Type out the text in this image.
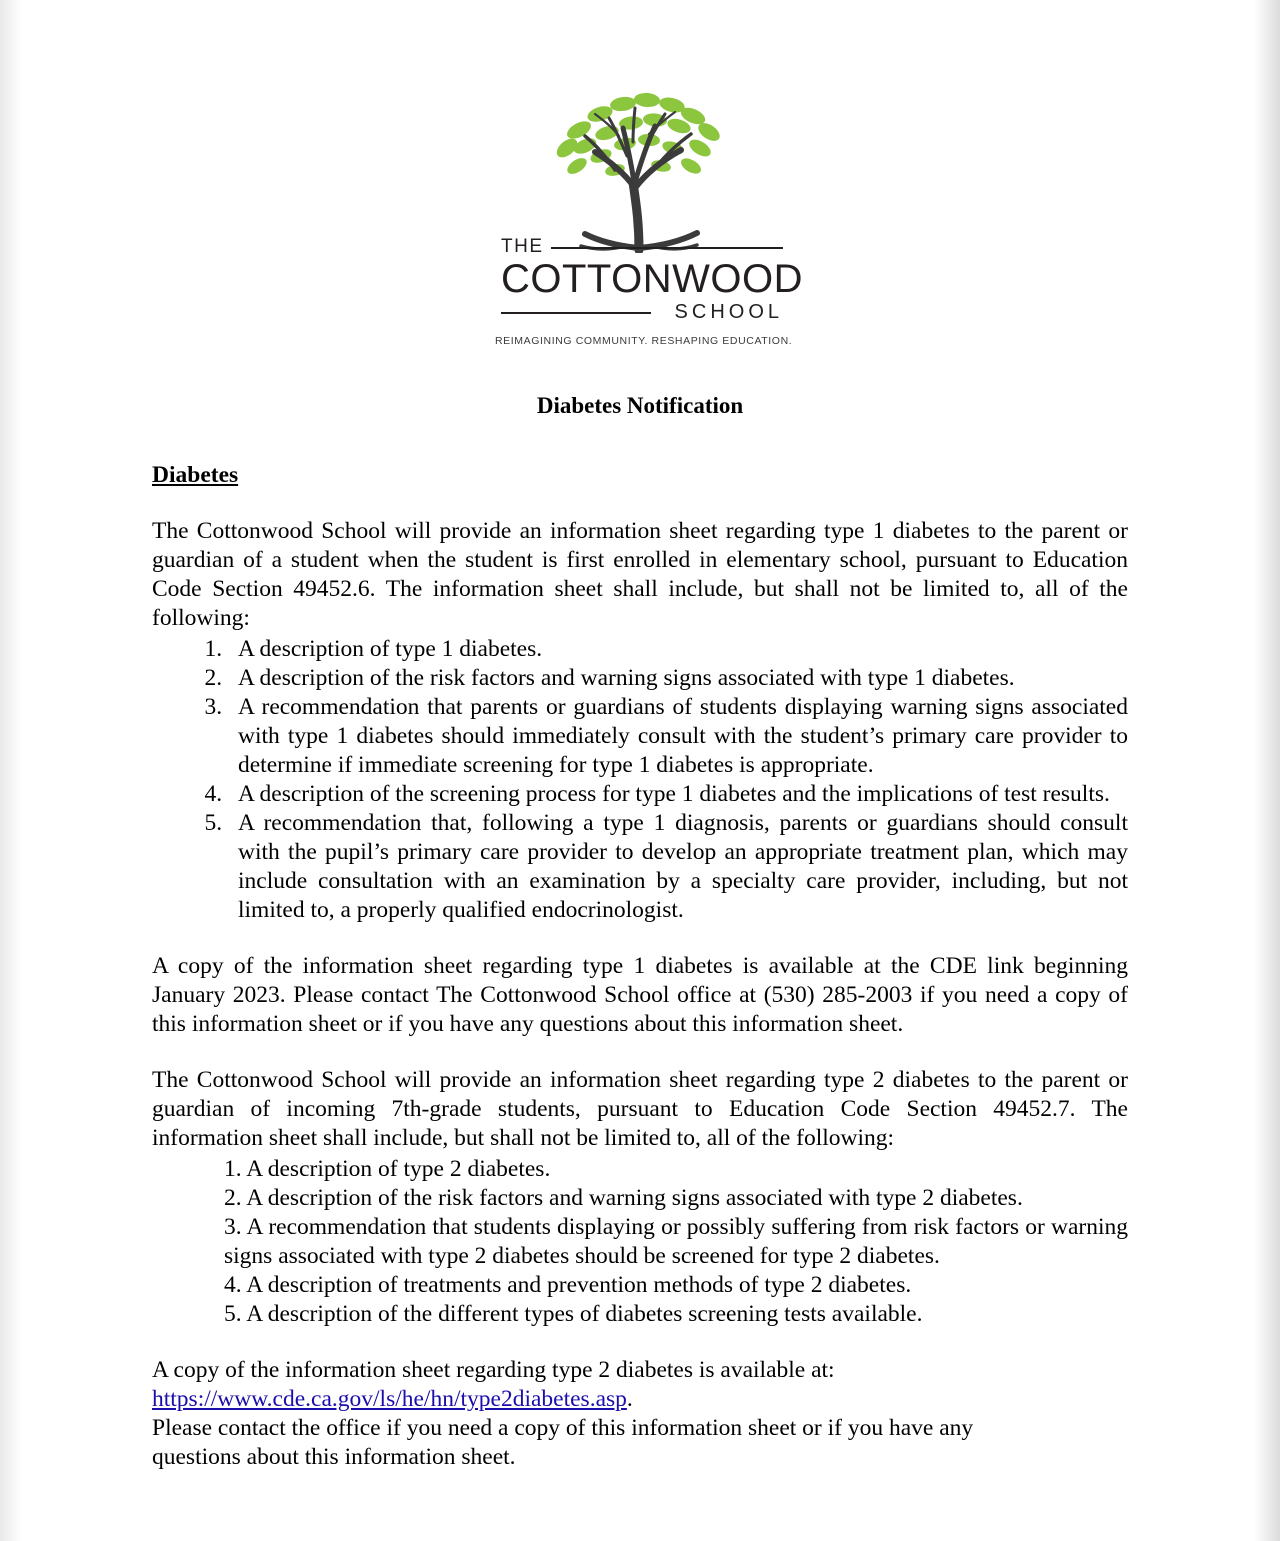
THE
COTTONWOOD
SCHOOL
REIMAGINING COMMUNITY. RESHAPING EDUCATION.
Diabetes Notification
Diabetes

The Cottonwood School will provide an information sheet regarding type 1 diabetes to the parent or guardian of a student when the student is first enrolled in elementary school, pursuant to Education Code Section 49452.6. The information sheet shall include, but shall not be limited to, all of the following:

1. A description of type 1 diabetes.
2. A description of the risk factors and warning signs associated with type 1 diabetes.
3. A recommendation that parents or guardians of students displaying warning signs associated with type 1 diabetes should immediately consult with the student’s primary care provider to determine if immediate screening for type 1 diabetes is appropriate.
4. A description of the screening process for type 1 diabetes and the implications of test results.
5. A recommendation that, following a type 1 diagnosis, parents or guardians should consult with the pupil’s primary care provider to develop an appropriate treatment plan, which may include consultation with an examination by a specialty care provider, including, but not limited to, a properly qualified endocrinologist.

A copy of the information sheet regarding type 1 diabetes is available at the CDE link beginning January 2023. Please contact The Cottonwood School office at (530) 285-2003 if you need a copy of this information sheet or if you have any questions about this information sheet.

The Cottonwood School will provide an information sheet regarding type 2 diabetes to the parent or guardian of incoming 7th-grade students, pursuant to Education Code Section 49452.7. The information sheet shall include, but shall not be limited to, all of the following:

1. A description of type 2 diabetes.

2. A description of the risk factors and warning signs associated with type 2 diabetes.

3. A recommendation that students displaying or possibly suffering from risk factors or warning signs associated with type 2 diabetes should be screened for type 2 diabetes.

4. A description of treatments and prevention methods of type 2 diabetes.

5. A description of the different types of diabetes screening tests available.

A copy of the information sheet regarding type 2 diabetes is available at:

https://www.cde.ca.gov/ls/he/hn/type2diabetes.asp.

Please contact the office if you need a copy of this information sheet or if you have any

questions about this information sheet.
